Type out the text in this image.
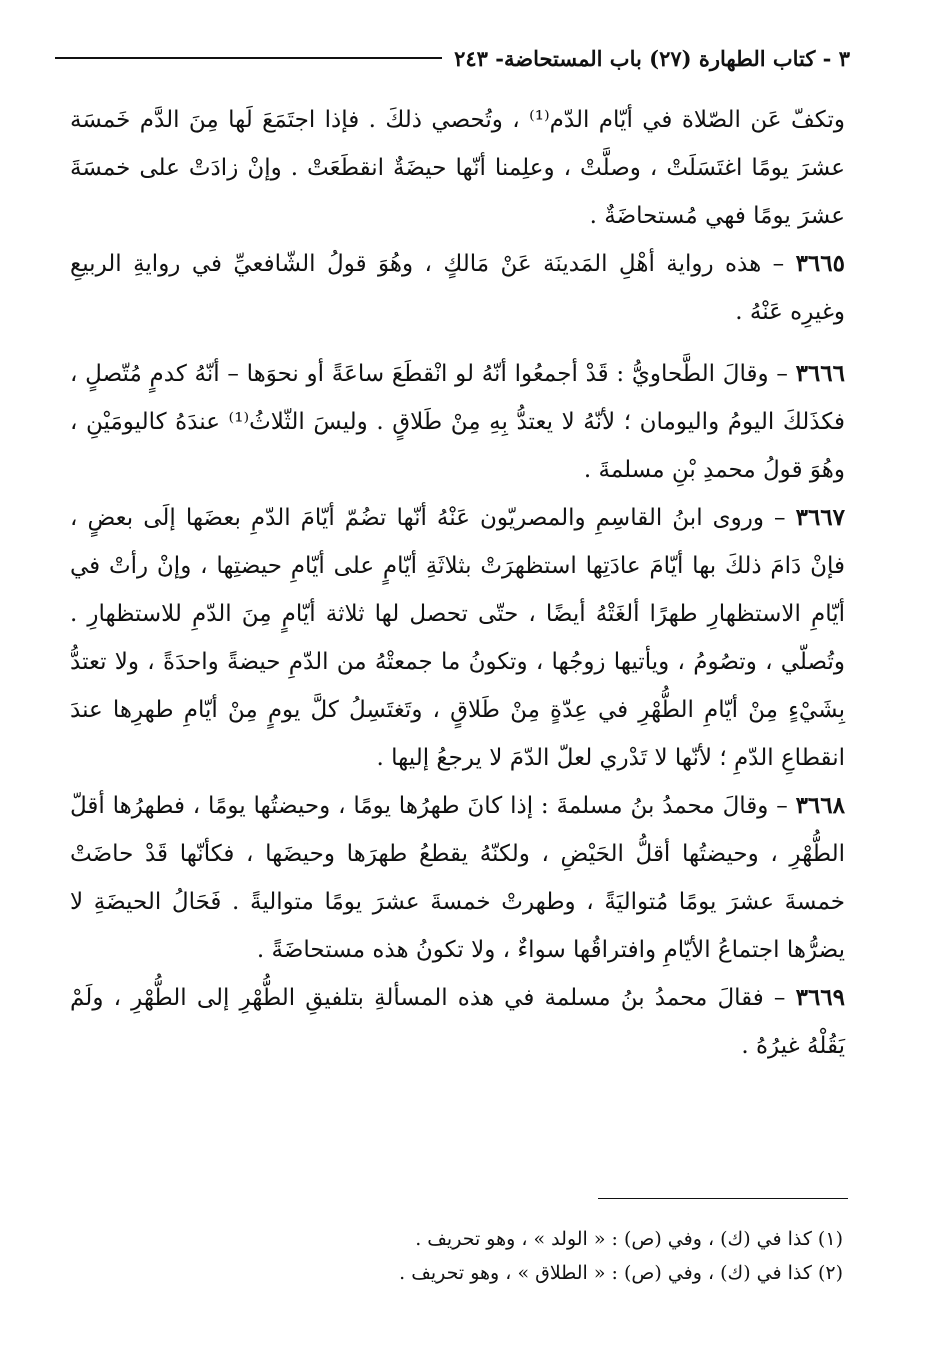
٣ - كتاب الطهارة (٢٧) باب المستحاضة- ٢٤٣

وتكفّ عَن الصّلاة في أيّام الدّم⁽¹⁾ ، وتُحصي ذلكَ . فإذا اجتَمَعَ لَها مِنَ الدَّم خَمسَة عشرَ يومًا اغتَسَلَتْ ، وصلَّتْ ، وعلِمنا أنّها حيضَةٌ انقطَعَتْ . وإنْ زادَتْ على خمسَةَ عشرَ يومًا فهي مُستحاضَةٌ .

٣٦٦٥ – هذه رواية أهْلِ المَدينَة عَنْ مَالكٍ ، وهُوَ قولُ الشّافعيِّ في روايةِ الربيعِ وغيرِه عَنْهُ .

٣٦٦٦ – وقالَ الطَّحاويُّ : قَدْ أجمعُوا أنّهُ لو انْقطَعَ ساعَةً أو نحوَها – أنّهُ كدمٍ مُتّصلٍ ، فكذَلكَ اليومُ واليومان ؛ لأنّهُ لا يعتدُّ بِهِ مِنْ طَلاقٍ . وليسَ الثّلاثُ⁽¹⁾ عندَهُ كاليومَيْنِ ، وهُوَ قولُ محمدِ بْنِ مسلمةَ .

٣٦٦٧ – وروى ابنُ القاسِمِ والمصريّون عَنْهُ أنّها تضُمّ أيّامَ الدّمِ بعضَها إلَى بعضٍ ، فإنْ دَامَ ذلكَ بها أيّامَ عادَتِها استظهرَتْ بثلاثَةِ أيّامٍ على أيّامِ حيضتِها ، وإنْ رأتْ في أيّامِ الاستظهارِ طهرًا ألغَتْهُ أيضًا ، حتّى تحصل لها ثلاثة أيّامٍ مِنَ الدّمِ للاستظهارِ . وتُصلّي ، وتصُومُ ، ويأتيها زوجُها ، وتكونُ ما جمعتْهُ من الدّمِ حيضةً واحدَةً ، ولا تعتدُّ بِشَيْءٍ مِنْ أيّامِ الطُّهْرِ في عِدّةٍ مِنْ طَلاقٍ ، وتَغتَسِلُ كلَّ يومٍ مِنْ أيّامِ طهرِها عندَ انقطاعِ الدّمِ ؛ لأنّها لا تَدْري لعلّ الدّمَ لا يرجعُ إليها .

٣٦٦٨ – وقالَ محمدُ بنُ مسلمةَ : إذا كانَ طهرُها يومًا ، وحيضتُها يومًا ، فطهرُها أقلّ الطُّهْرِ ، وحيضتُها أقلُّ الحَيْضِ ، ولكنّهُ يقطعُ طهرَها وحيضَها ، فكأنّها قَدْ حاضَتْ خمسةَ عشرَ يومًا مُتواليَةً ، وطهرتْ خمسةَ عشرَ يومًا متواليةً . فَحَالُ الحيضَةِ لا يضرُّها اجتماعُ الأيّامِ وافتراقُها سواءٌ ، ولا تكونُ هذه مستحاضَةً .

٣٦٦٩ – فقالَ محمدُ بنُ مسلمة في هذه المسألةِ بتلفيقِ الطُّهْرِ إلى الطُّهْرِ ، ولَمْ يَقُلْهُ غيرُهُ .

(١) كذا في (ك) ، وفي (ص) : « الولد » ، وهو تحريف .

(٢) كذا في (ك) ، وفي (ص) : « الطلاق » ، وهو تحريف .
